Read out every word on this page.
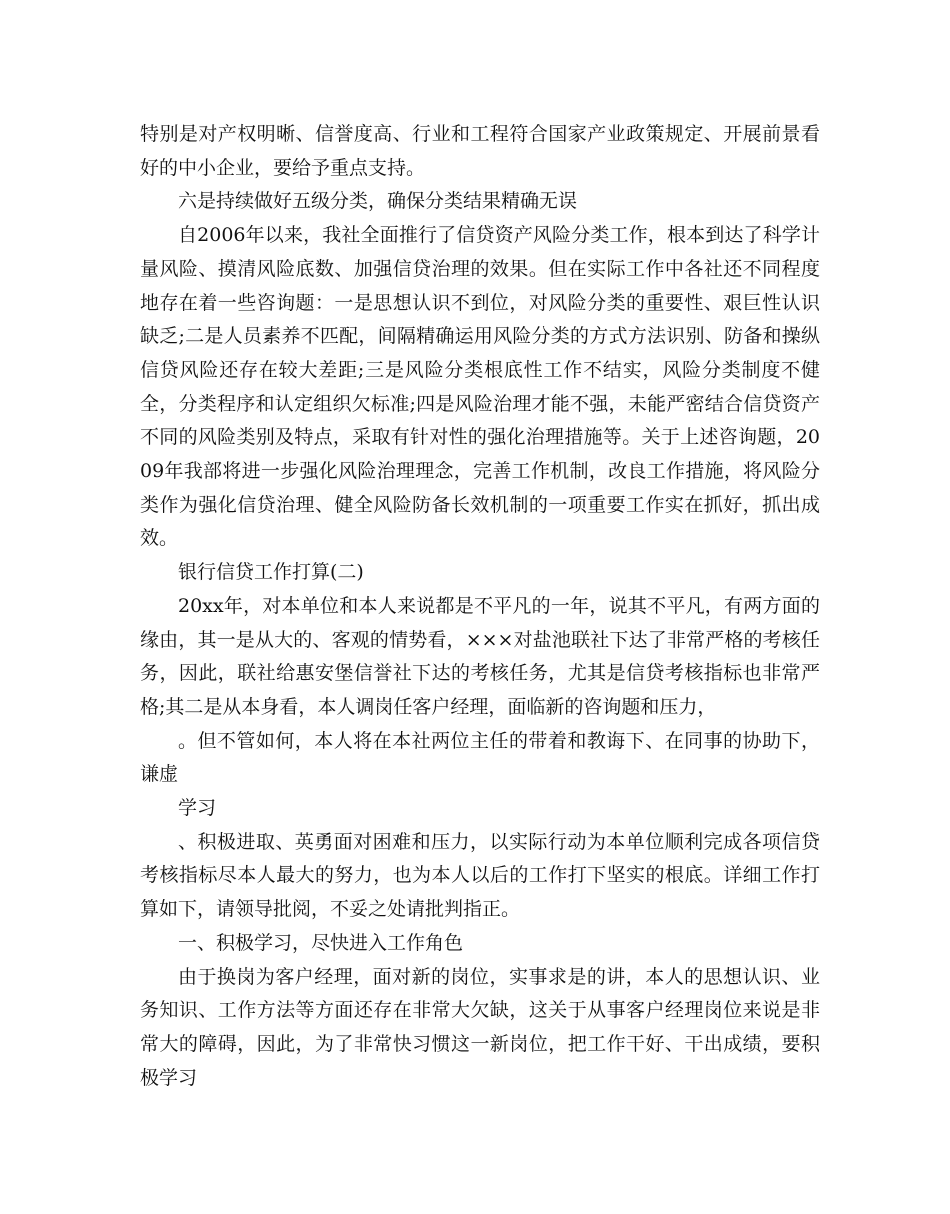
特别是对产权明晰、信誉度高、行业和工程符合国家产业政策规定、开展前景看好的中小企业，要给予重点支持。

六是持续做好五级分类，确保分类结果精确无误

自2006年以来，我社全面推行了信贷资产风险分类工作，根本到达了科学计量风险、摸清风险底数、加强信贷治理的效果。但在实际工作中各社还不同程度地存在着一些咨询题：一是思想认识不到位，对风险分类的重要性、艰巨性认识缺乏;二是人员素养不匹配，间隔精确运用风险分类的方式方法识别、防备和操纵信贷风险还存在较大差距;三是风险分类根底性工作不结实，风险分类制度不健全，分类程序和认定组织欠标准;四是风险治理才能不强，未能严密结合信贷资产不同的风险类别及特点，采取有针对性的强化治理措施等。关于上述咨询题，2009年我部将进一步强化风险治理理念，完善工作机制，改良工作措施，将风险分类作为强化信贷治理、健全风险防备长效机制的一项重要工作实在抓好，抓出成效。

银行信贷工作打算(二)

20xx年，对本单位和本人来说都是不平凡的一年，说其不平凡，有两方面的缘由，其一是从大的、客观的情势看，×××对盐池联社下达了非常严格的考核任务，因此，联社给惠安堡信誉社下达的考核任务，尤其是信贷考核指标也非常严格;其二是从本身看，本人调岗任客户经理，面临新的咨询题和压力，

。但不管如何，本人将在本社两位主任的带着和教诲下、在同事的协助下，谦虚

学习

、积极进取、英勇面对困难和压力，以实际行动为本单位顺利完成各项信贷考核指标尽本人最大的努力，也为本人以后的工作打下坚实的根底。详细工作打算如下，请领导批阅，不妥之处请批判指正。

一、积极学习，尽快进入工作角色

由于换岗为客户经理，面对新的岗位，实事求是的讲，本人的思想认识、业务知识、工作方法等方面还存在非常大欠缺，这关于从事客户经理岗位来说是非常大的障碍，因此，为了非常快习惯这一新岗位，把工作干好、干出成绩，要积极学习
